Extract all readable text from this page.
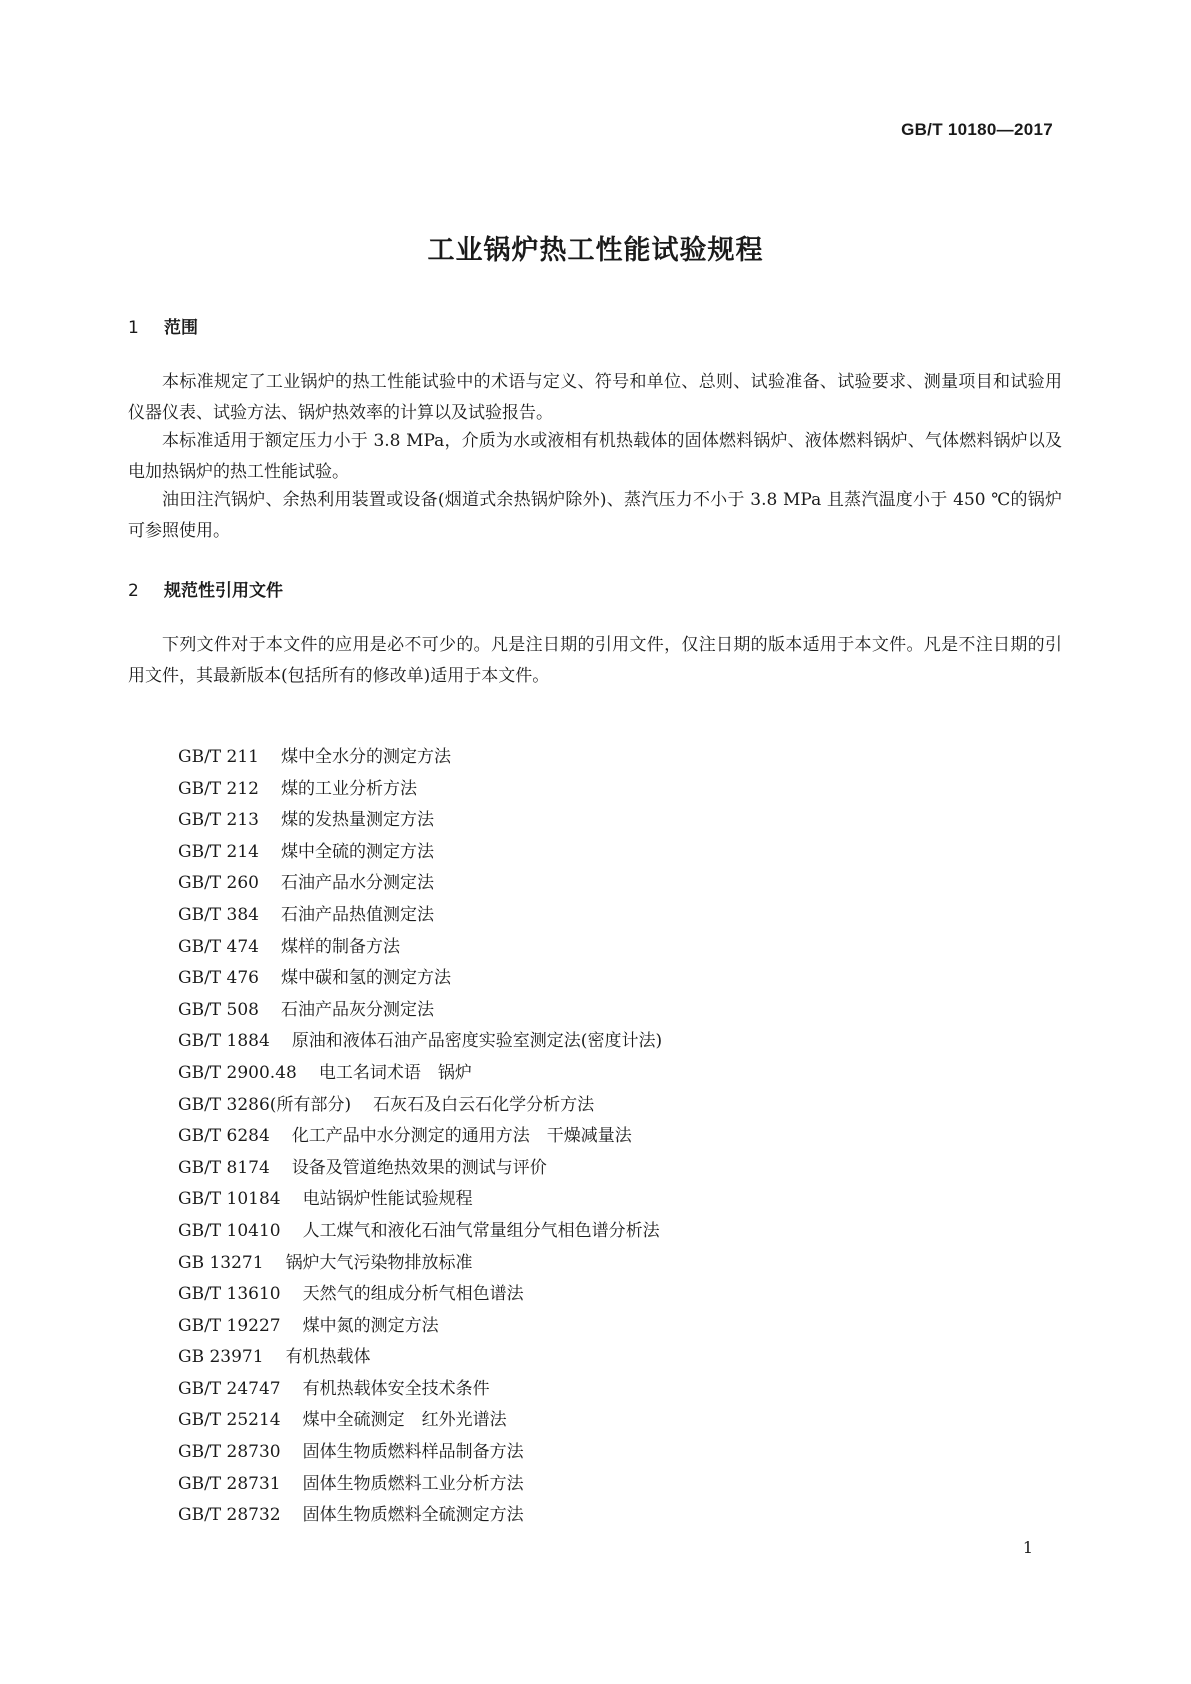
GB/T 10180—2017
工业锅炉热工性能试验规程
1 范围

本标准规定了工业锅炉的热工性能试验中的术语与定义、符号和单位、总则、试验准备、试验要求、测量项目和试验用仪器仪表、试验方法、锅炉热效率的计算以及试验报告。

本标准适用于额定压力小于 3.8 MPa，介质为水或液相有机热载体的固体燃料锅炉、液体燃料锅炉、气体燃料锅炉以及电加热锅炉的热工性能试验。

油田注汽锅炉、余热利用装置或设备(烟道式余热锅炉除外)、蒸汽压力不小于 3.8 MPa 且蒸汽温度小于 450 ℃的锅炉可参照使用。

2 规范性引用文件

下列文件对于本文件的应用是必不可少的。凡是注日期的引用文件，仅注日期的版本适用于本文件。凡是不注日期的引用文件，其最新版本(包括所有的修改单)适用于本文件。

GB/T 211 煤中全水分的测定方法
GB/T 212 煤的工业分析方法
GB/T 213 煤的发热量测定方法
GB/T 214 煤中全硫的测定方法
GB/T 260 石油产品水分测定法
GB/T 384 石油产品热值测定法
GB/T 474 煤样的制备方法
GB/T 476 煤中碳和氢的测定方法
GB/T 508 石油产品灰分测定法
GB/T 1884 原油和液体石油产品密度实验室测定法(密度计法)
GB/T 2900.48 电工名词术语　锅炉
GB/T 3286(所有部分) 石灰石及白云石化学分析方法
GB/T 6284 化工产品中水分测定的通用方法　干燥减量法
GB/T 8174 设备及管道绝热效果的测试与评价
GB/T 10184 电站锅炉性能试验规程
GB/T 10410 人工煤气和液化石油气常量组分气相色谱分析法
GB 13271 锅炉大气污染物排放标准
GB/T 13610 天然气的组成分析气相色谱法
GB/T 19227 煤中氮的测定方法
GB 23971 有机热载体
GB/T 24747 有机热载体安全技术条件
GB/T 25214 煤中全硫测定　红外光谱法
GB/T 28730 固体生物质燃料样品制备方法
GB/T 28731 固体生物质燃料工业分析方法
GB/T 28732 固体生物质燃料全硫测定方法
1
